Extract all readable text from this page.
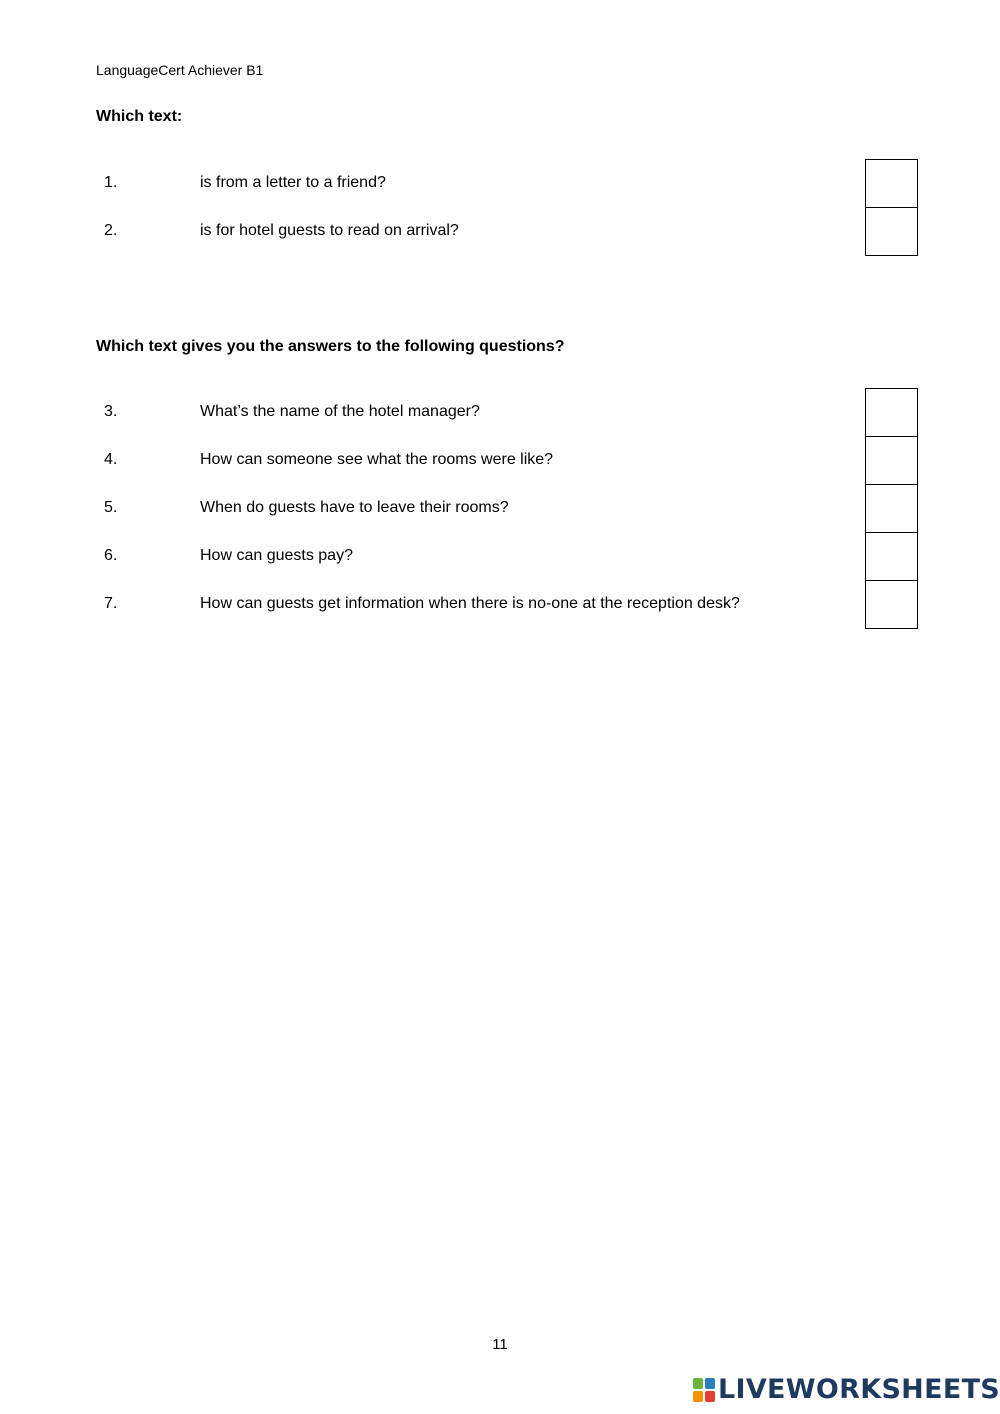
LanguageCert Achiever B1
Which text:
1.	is from a letter to a friend?
2.	is for hotel guests to read on arrival?
Which text gives you the answers to the following questions?
3.	What’s the name of the hotel manager?
4.	How can someone see what the rooms were like?
5.	When do guests have to leave their rooms?
6.	How can guests pay?
7.	How can guests get information when there is no-one at the reception desk?
11
LIVEWORKSHEETS
